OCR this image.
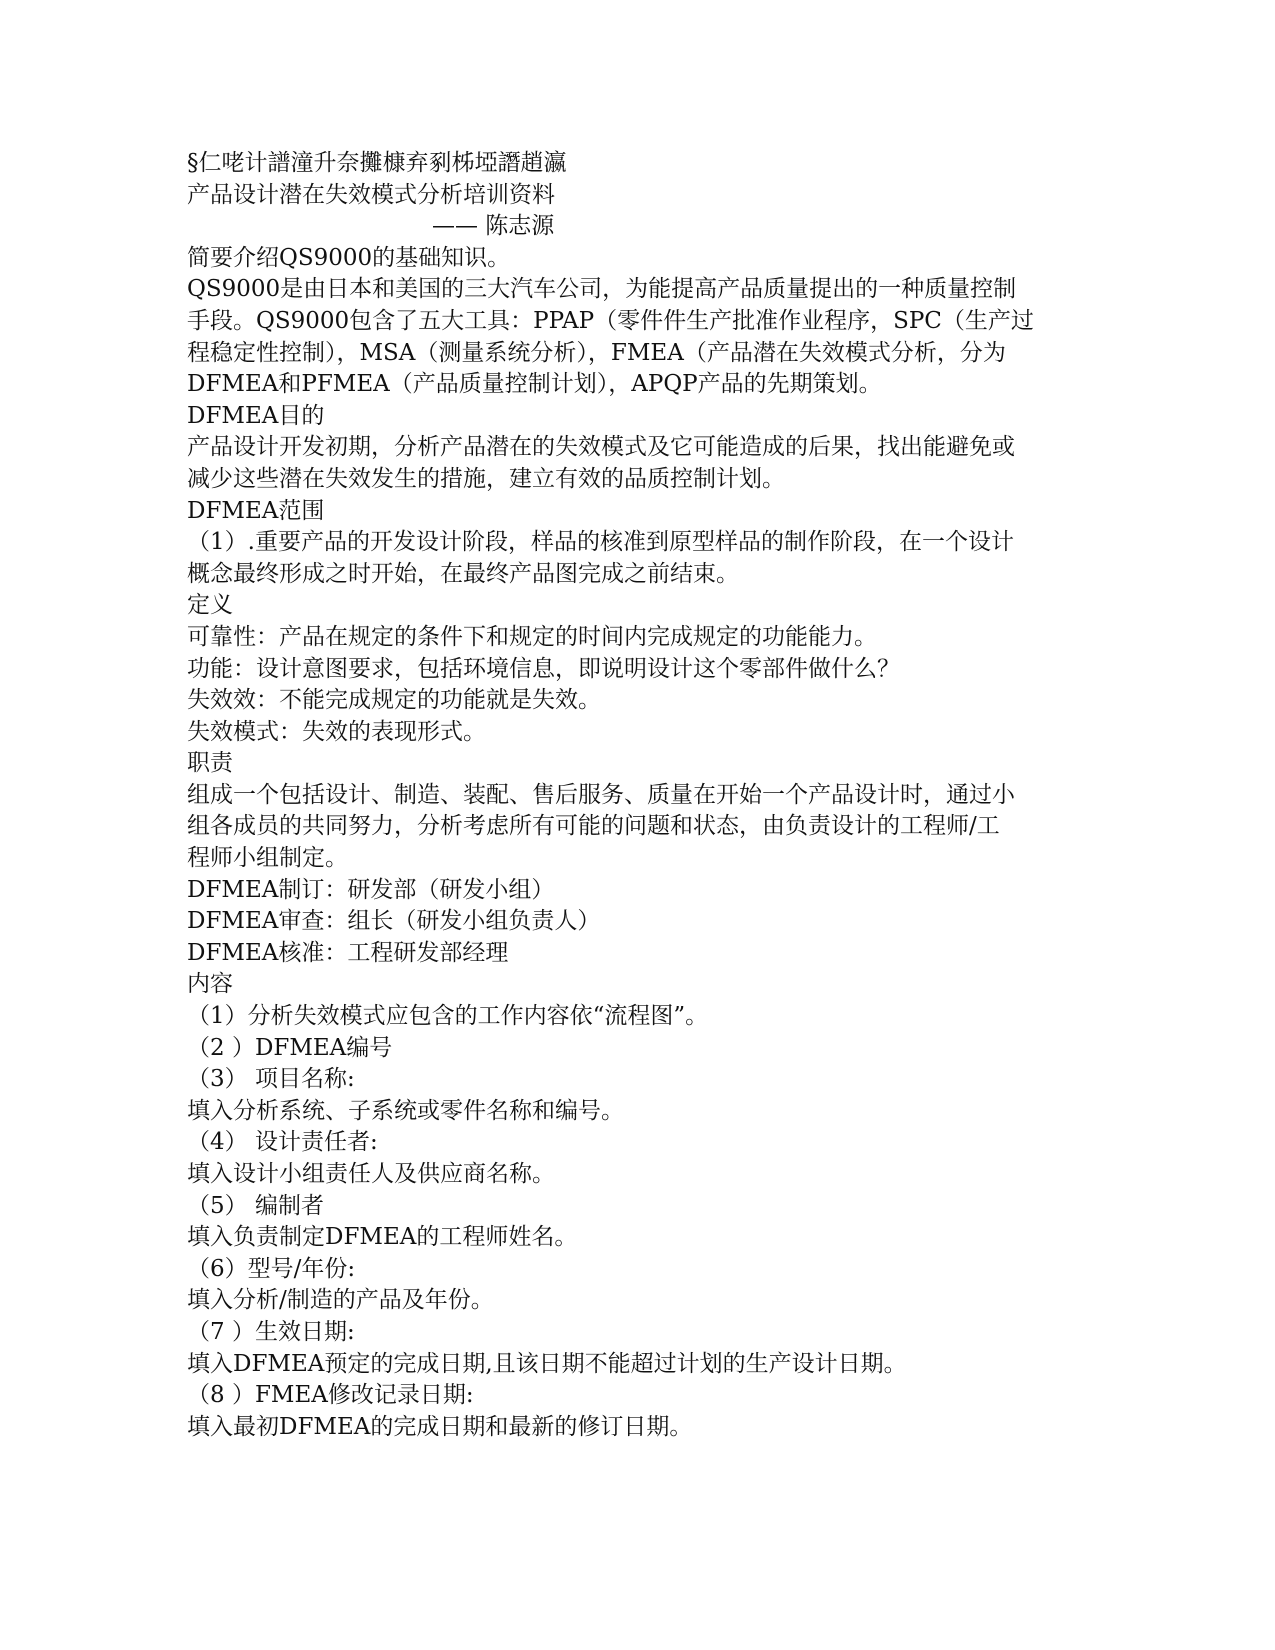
§仁咾计譜潼升奈攤槺弃剢柹埡譖趙瀛
产品设计潜在失效模式分析培训资料
—— 陈志源
简要介绍QS9000的基础知识。
QS9000是由日本和美国的三大汽车公司，为能提高产品质量提出的一种质量控制
手段。QS9000包含了五大工具：PPAP（零件件生产批准作业程序，SPC（生产过
程稳定性控制），MSA（测量系统分析），FMEA（产品潜在失效模式分析，分为
DFMEA和PFMEA（产品质量控制计划），APQP产品的先期策划。
DFMEA目的
产品设计开发初期，分析产品潜在的失效模式及它可能造成的后果，找出能避免或
减少这些潜在失效发生的措施，建立有效的品质控制计划。
DFMEA范围
（1）.重要产品的开发设计阶段，样品的核准到原型样品的制作阶段，在一个设计
概念最终形成之时开始，在最终产品图完成之前结束。
定义
可靠性：产品在规定的条件下和规定的时间内完成规定的功能能力。
功能：设计意图要求，包括环境信息，即说明设计这个零部件做什么？
失效效：不能完成规定的功能就是失效。
失效模式：失效的表现形式。
职责
组成一个包括设计、制造、装配、售后服务、质量在开始一个产品设计时，通过小
组各成员的共同努力，分析考虑所有可能的问题和状态，由负责设计的工程师/工
程师小组制定。
DFMEA制订：研发部（研发小组）
DFMEA审查：组长（研发小组负责人）
DFMEA核准：工程研发部经理
内容
（1）分析失效模式应包含的工作内容依“流程图”。
（2 ）DFMEA编号
（3） 项目名称:
填入分析系统、子系统或零件名称和编号。
（4） 设计责任者:
填入设计小组责任人及供应商名称。
（5） 编制者
填入负责制定DFMEA的工程师姓名。
（6）型号/年份:
填入分析/制造的产品及年份。
（7 ）生效日期:
填入DFMEA预定的完成日期,且该日期不能超过计划的生产设计日期。
（8 ）FMEA修改记录日期:
填入最初DFMEA的完成日期和最新的修订日期。
